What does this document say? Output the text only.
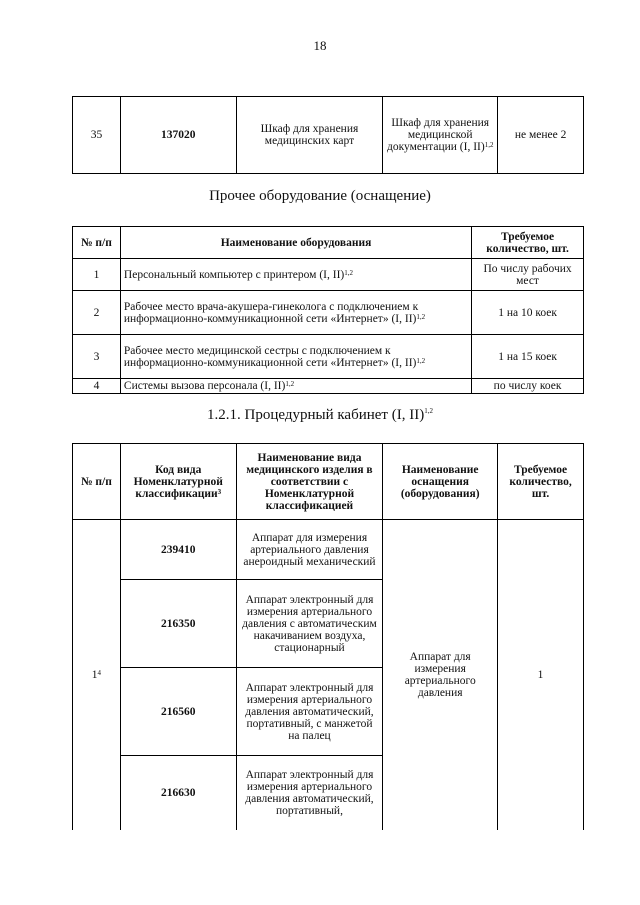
18
35	137020	Шкаф для хранения медицинских карт	Шкаф для хранения медицинской документации (I, II)$^{1,2}$	не менее 2
Прочее оборудование (оснащение)
№ п/п	Наименование оборудования	Требуемое количество, шт.
1	Персональный компьютер с принтером (I, II)$^{1,2}$	По числу рабочих мест
2	Рабочее место врача-акушера-гинеколога с подключением к информационно-коммуникационной сети «Интернет» (I, II)$^{1,2}$	1 на 10 коек
3	Рабочее место медицинской сестры с подключением к информационно-коммуникационной сети «Интернет» (I, II)$^{1,2}$	1 на 15 коек
4	Системы вызова персонала (I, II)$^{1,2}$	по числу коек
1.2.1. Процедурный кабинет (I, II)$^{1,2}$
№ п/п	Код вида Номенклатурной классификации$^3$	Наименование вида медицинского изделия в соответствии с Номенклатурной классификацией	Наименование оснащения (оборудования)	Требуемое количество, шт.
$1^4$	239410	Аппарат для измерения артериального давления анероидный механический	Аппарат для измерения артериального давления	1
	216350	Аппарат электронный для измерения артериального давления с автоматическим накачиванием воздуха, стационарный		
	216560	Аппарат электронный для измерения артериального давления автоматический, портативный, с манжетой на палец		
	216630	Аппарат электронный для измерения артериального давления автоматический, портативный,		
